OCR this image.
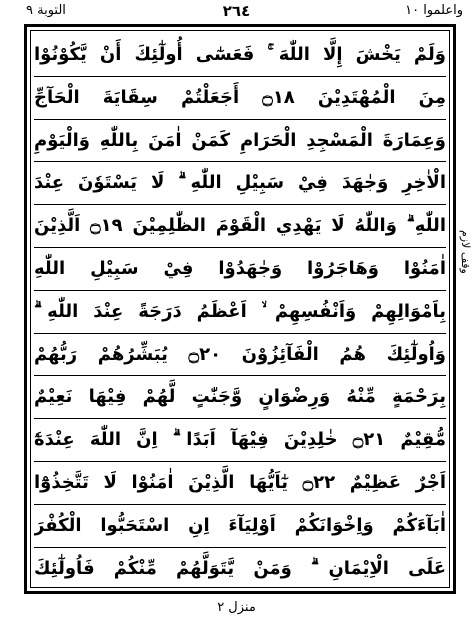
التوبة ٩	٢٦٤	واعلموا ١٠
وَلَمْ يَخْشَ إِلَّا اللّٰهَ ۚ فَعَسٰٓى أُولٰٓئِكَ أَنْ يَّكُوْنُوْا
مِنَ الْمُهْتَدِيْنَ ۝١٨ أَجَعَلْتُمْ سِقَايَةَ الْحَآجِّ
وَعِمَارَةَ الْمَسْجِدِ الْحَرَامِ كَمَنْ اٰمَنَ بِاللّٰهِ وَالْيَوْمِ
الْاٰخِرِ وَجٰهَدَ فِيْ سَبِيْلِ اللّٰهِ ۗ لَا يَسْتَوٗنَ عِنْدَ
اللّٰهِ ۗ وَاللّٰهُ لَا يَهْدِي الْقَوْمَ الظّٰلِمِيْنَ ۝١٩ اَلَّذِيْنَ
اٰمَنُوْا وَهَاجَرُوْا وَجٰهَدُوْا فِيْ سَبِيْلِ اللّٰهِ
بِاَمْوَالِهِمْ وَاَنْفُسِهِمْ ۙ اَعْظَمُ دَرَجَةً عِنْدَ اللّٰهِ ۗ
وَاُولٰٓئِكَ هُمُ الْفَآئِزُوْنَ ۝٢٠ يُبَشِّرُهُمْ رَبُّهُمْ
بِرَحْمَةٍ مِّنْهُ وَرِضْوَانٍ وَّجَنّٰتٍ لَّهُمْ فِيْهَا نَعِيْمٌ
مُّقِيْمٌ ۝٢١ خٰلِدِيْنَ فِيْهَآ اَبَدًا ۗ اِنَّ اللّٰهَ عِنْدَهٗٓ
اَجْرٌ عَظِيْمٌ ۝٢٢ يٰٓاَيُّهَا الَّذِيْنَ اٰمَنُوْا لَا تَتَّخِذُوْٓا
اٰبَآءَكُمْ وَاِخْوَانَكُمْ اَوْلِيَآءَ اِنِ اسْتَحَبُّوا الْكُفْرَ
عَلَى الْاِيْمَانِ ۗ وَمَنْ يَّتَوَلَّهُمْ مِّنْكُمْ فَاُولٰٓئِكَ
وقف لازم
منزل ٢
